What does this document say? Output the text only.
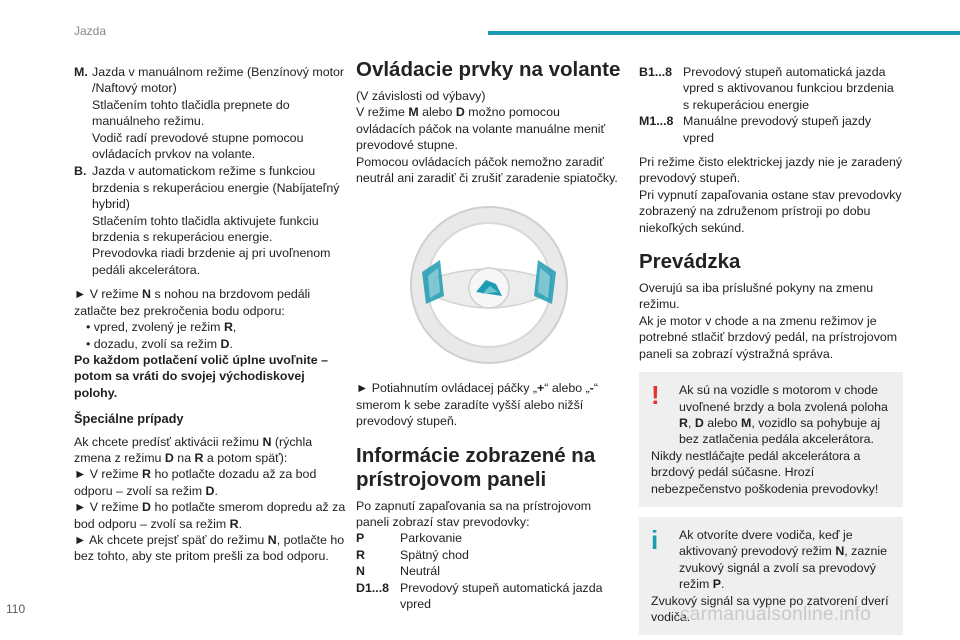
Jazda
M. Jazda v manuálnom režime (Benzínový motor /Naftový motor)

Stlačením tohto tlačidla prepnete do manuálneho režimu.

Vodič radí prevodové stupne pomocou ovládacích prvkov na volante.

B. Jazda v automatickom režime s funkciou brzdenia s rekuperáciou energie (Nabíjateľný hybrid)

Stlačením tohto tlačidla aktivujete funkciu brzdenia s rekuperáciou energie.

Prevodovka riadi brzdenie aj pri uvoľnenom pedáli akcelerátora.

► V režime N s nohou na brzdovom pedáli zatlačte bez prekročenia bodu odporu:

• vpred, zvolený je režim R,

• dozadu, zvolí sa režim D.

Po každom potlačení volič úplne uvoľnite – potom sa vráti do svojej východiskovej polohy.

Špeciálne prípady

Ak chcete predísť aktivácii režimu N (rýchla zmena z režimu D na R a potom späť):

► V režime R ho potlačte dozadu až za bod odporu – zvolí sa režim D.

► V režime D ho potlačte smerom dopredu až za bod odporu – zvolí sa režim R.

► Ak chcete prejsť späť do režimu N, potlačte ho bez tohto, aby ste pritom prešli za bod odporu.

Ovládacie prvky na volante

(V závislosti od výbavy)

V režime M alebo D možno pomocou ovládacích páčok na volante manuálne meniť prevodové stupne.

Pomocou ovládacích páčok nemožno zaradiť neutrál ani zaradiť či zrušiť zaradenie spiatočky.

► Potiahnutím ovládacej páčky „+“ alebo „-“ smerom k sebe zaradíte vyšší alebo nižší prevodový stupeň.

Informácie zobrazené na prístrojovom paneli

Po zapnutí zapaľovania sa na prístrojovom paneli zobrazí stav prevodovky:

P	Parkovanie
R	Spätný chod
N	Neutrál
D1...8 Prevodový stupeň automatická jazda vpred
B1...8 Prevodový stupeň automatická jazda vpred s aktivovanou funkciou brzdenia s rekuperáciou energie
M1...8 Manuálne prevodový stupeň jazdy vpred

Pri režime čisto elektrickej jazdy nie je zaradený prevodový stupeň.

Pri vypnutí zapaľovania ostane stav prevodovky zobrazený na združenom prístroji po dobu niekoľkých sekúnd.

Prevádzka

Overujú sa iba príslušné pokyny na zmenu režimu.

Ak je motor v chode a na zmenu režimov je potrebné stlačiť brzdový pedál, na prístrojovom paneli sa zobrazí výstražná správa.

!	Ak sú na vozidle s motorom v chode uvoľnené brzdy a bola zvolená poloha R, D alebo M, vozidlo sa pohybuje aj bez zatlačenia pedála akcelerátora.

Nikdy nestláčajte pedál akcelerátora a brzdový pedál súčasne. Hrozí nebezpečenstvo poškodenia prevodovky!

i	Ak otvoríte dvere vodiča, keď je aktivovaný prevodový režim N, zaznie zvukový signál a zvolí sa prevodový režim P.

Zvukový signál sa vypne po zatvorení dverí vodiča.

110	carmanualsonline.info
